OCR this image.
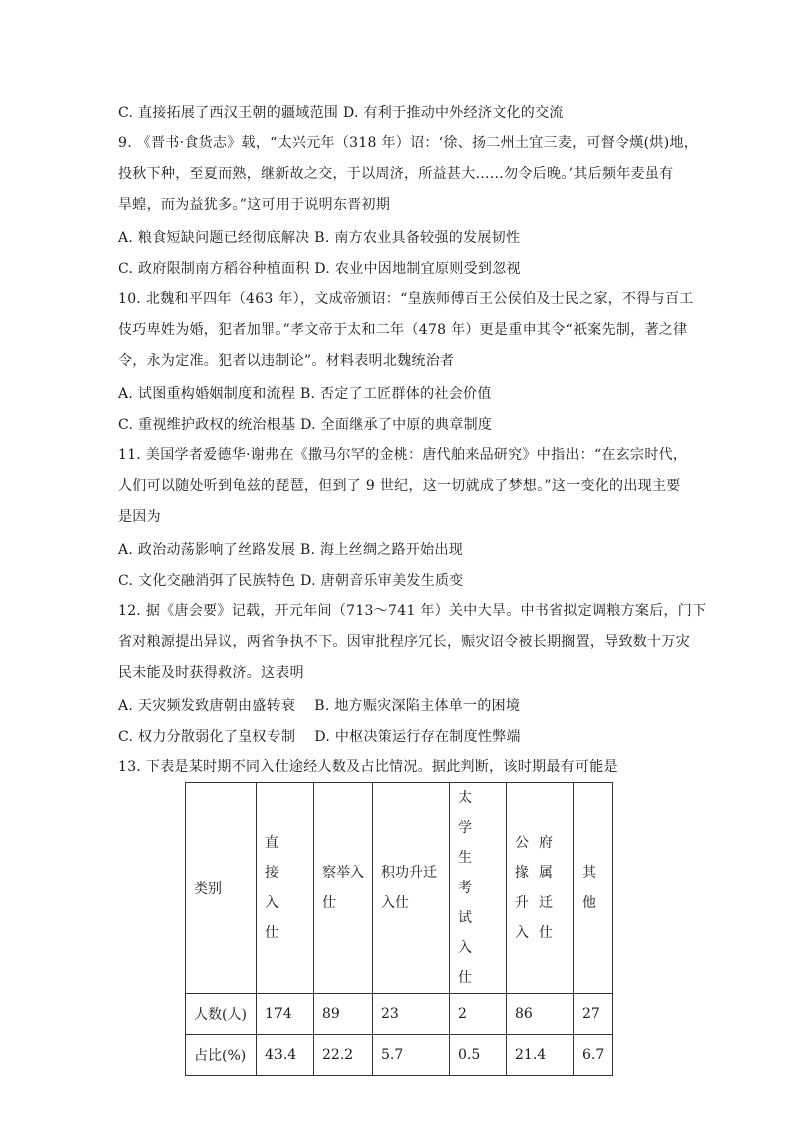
C. 直接拓展了西汉王朝的疆域范围 D. 有利于推动中外经济文化的交流
9. 《晋书·食货志》载，“太兴元年（318 年）诏：‘徐、扬二州土宜三麦，可督令熯(烘)地，
投秋下种，至夏而熟，继新故之交，于以周济，所益甚大……勿令后晚。’其后频年麦虽有
旱蝗，而为益犹多。”这可用于说明东晋初期
A. 粮食短缺问题已经彻底解决 B. 南方农业具备较强的发展韧性
C. 政府限制南方稻谷种植面积 D. 农业中因地制宜原则受到忽视
10. 北魏和平四年（463 年），文成帝颁诏：“皇族师傅百王公侯伯及士民之家，不得与百工
伎巧卑姓为婚，犯者加罪。”孝文帝于太和二年（478 年）更是重申其令“祇案先制，著之律
令，永为定准。犯者以违制论”。材料表明北魏统治者
A. 试图重构婚姻制度和流程 B. 否定了工匠群体的社会价值
C. 重视维护政权的统治根基 D. 全面继承了中原的典章制度
11. 美国学者爱德华·谢弗在《撒马尔罕的金桃：唐代舶来品研究》中指出：“在玄宗时代，
人们可以随处听到龟兹的琵琶，但到了 9 世纪，这一切就成了梦想。”这一变化的出现主要
是因为
A. 政治动荡影响了丝路发展 B. 海上丝绸之路开始出现
C. 文化交融消弭了民族特色 D. 唐朝音乐审美发生质变
12. 据《唐会要》记载，开元年间（713～741 年）关中大旱。中书省拟定调粮方案后，门下
省对粮源提出异议，两省争执不下。因审批程序冗长，赈灾诏令被长期搁置，导致数十万灾
民未能及时获得救济。这表明
A. 天灾频发致唐朝由盛转衰　 B. 地方赈灾深陷主体单一的困境
C. 权力分散弱化了皇权专制　 D. 中枢决策运行存在制度性弊端
13. 下表是某时期不同入仕途经人数及占比情况。据此判断，该时期最有可能是
类别	直接入仕	察举入仕	积功升迁入仕	太学生考试入仕	公府掾属升迁入仕	其他

人数(人)	174	89	23	2	86	27
占比(%)	43.4	22.2	5.7	0.5	21.4	6.7
